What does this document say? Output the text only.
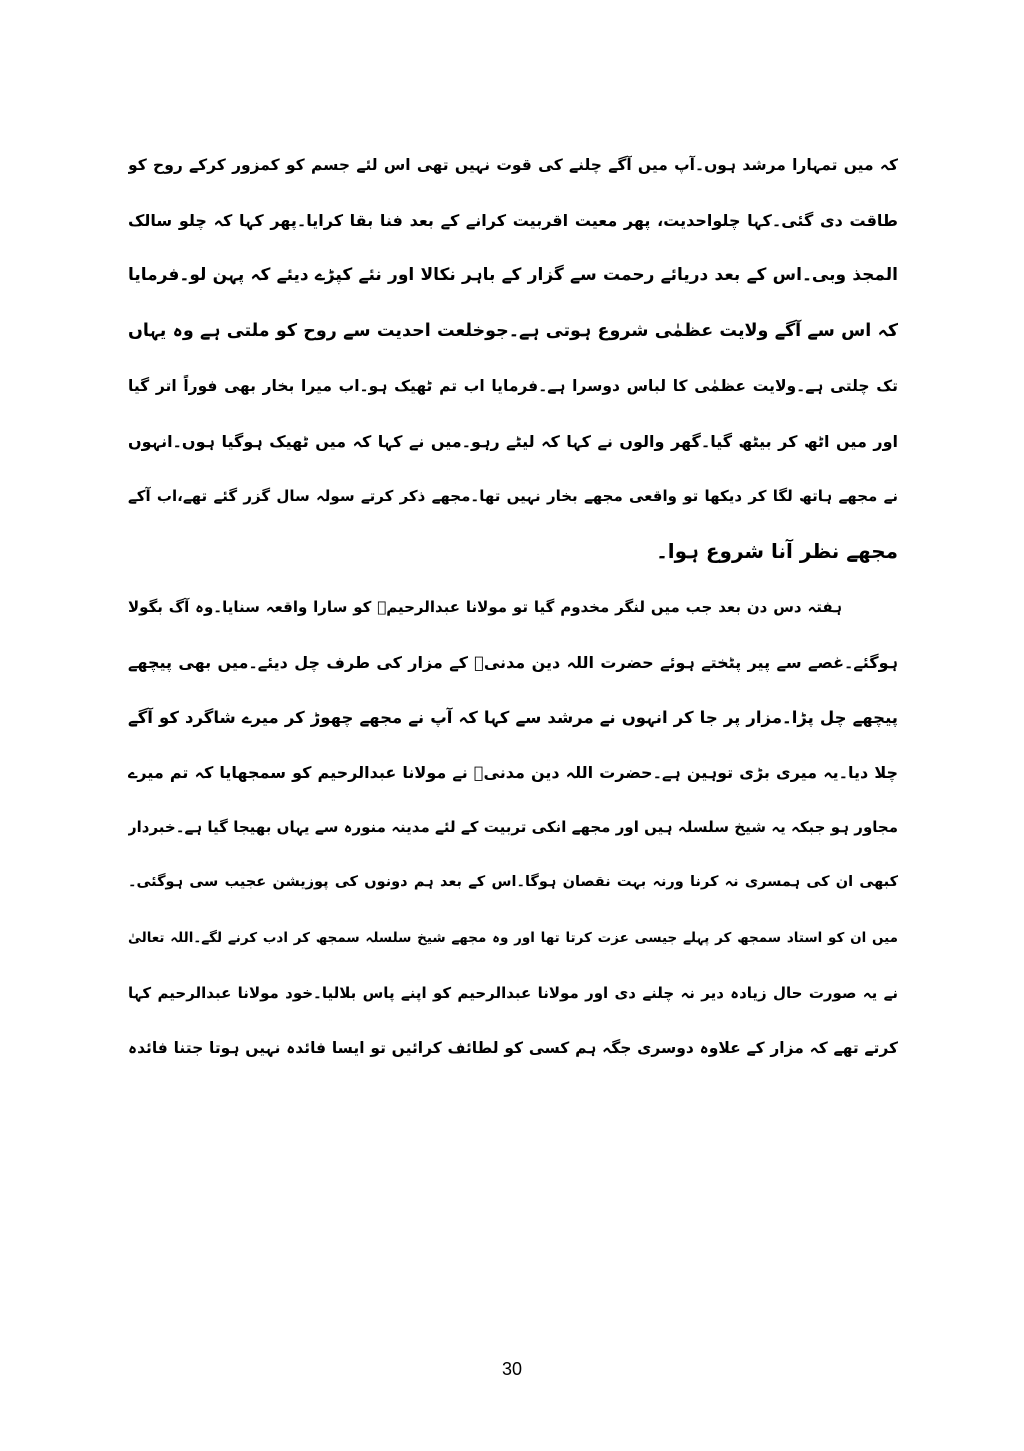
کہ میں تمہارا مرشد ہوں۔آپ میں آگے چلنے کی قوت نہیں تھی اس لئے جسم کو کمزور کرکے روح کو
طاقت دی گئی۔کہا چلواحدیت، پھر معیت اقربیت کرانے کے بعد فنا بقا کرایا۔پھر کہا کہ چلو سالک
المجذ وبی۔اس کے بعد دریائے رحمت سے گزار کے باہر نکالا اور نئے کپڑے دیئے کہ پہن لو۔فرمایا
کہ اس سے آگے ولایت عظمٰی شروع ہوتی ہے۔جوخلعت احدیت سے روح کو ملتی ہے وہ یہاں
تک چلتی ہے۔ولایت عظمٰی کا لباس دوسرا ہے۔فرمایا اب تم ٹھیک ہو۔اب میرا بخار بھی فوراً اتر گیا
اور میں اٹھ کر بیٹھ گیا۔گھر والوں نے کہا کہ لیٹے رہو۔میں نے کہا کہ میں ٹھیک ہوگیا ہوں۔انہوں
نے مجھے ہاتھ لگا کر دیکھا تو واقعی مجھے بخار نہیں تھا۔مجھے ذکر کرتے سولہ سال گزر گئے تھے،اب آکے
مجھے نظر آنا شروع ہوا۔
ہفتہ دس دن بعد جب میں لنگر مخدوم گیا تو مولانا عبدالرحیمؒ کو سارا واقعہ سنایا۔وہ آگ بگولا
ہوگئے۔غصے سے پیر پٹختے ہوئے حضرت اللہ دین مدنیؒ کے مزار کی طرف چل دیئے۔میں بھی پیچھے
پیچھے چل پڑا۔مزار پر جا کر انہوں نے مرشد سے کہا کہ آپ نے مجھے چھوڑ کر میرے شاگرد کو آگے
چلا دیا۔یہ میری بڑی توہین ہے۔حضرت اللہ دین مدنیؒ نے مولانا عبدالرحیم کو سمجھایا کہ تم میرے
مجاور ہو جبکہ یہ شیخ سلسلہ ہیں اور مجھے انکی تربیت کے لئے مدینہ منورہ سے یہاں بھیجا گیا ہے۔خبردار
کبھی ان کی ہمسری نہ کرنا ورنہ بہت نقصان ہوگا۔اس کے بعد ہم دونوں کی پوزیشن عجیب سی ہوگئی۔
میں ان کو استاد سمجھ کر پہلے جیسی عزت کرتا تھا اور وہ مجھے شیخ سلسلہ سمجھ کر ادب کرنے لگے۔اللہ تعالیٰ
نے یہ صورت حال زیادہ دیر نہ چلنے دی اور مولانا عبدالرحیم کو اپنے پاس بلالیا۔خود مولانا عبدالرحیم کہا
کرتے تھے کہ مزار کے علاوہ دوسری جگہ ہم کسی کو لطائف کرائیں تو ایسا فائدہ نہیں ہوتا جتنا فائدہ
30
